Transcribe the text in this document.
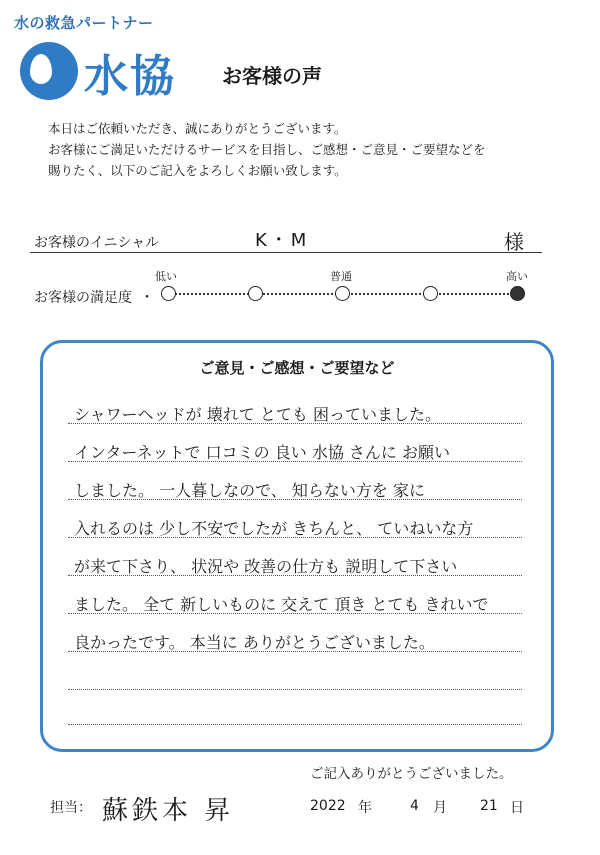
水の救急パートナー
水協 お客様の声
本日はご依頼いただき、誠にありがとうございます。
お客様にご満足いただけるサービスを目指し、ご感想・ご意見・ご要望などを
賜りたく、以下のご記入をよろしくお願い致します。
お客様のイニシャル	K・M	様
低い	普通	高い
お客様の満足度 ・
ご意見・ご感想・ご要望など
シャワーヘッドが 壊れて とても 困っていました。
インターネットで 口コミの 良い 水協 さんに お願い
しました。 一人暮しなので、 知らない方を 家に
入れるのは 少し不安でしたが きちんと、 ていねいな方
が来て下さり、 状況や 改善の仕方も 説明して下さい
ました。 全て 新しいものに 交えて 頂き とても きれいで
良かったです。 本当に ありがとうございました。
ご記入ありがとうございました。
担当： 蘇鉄本 昇	2022 年	4 月 21 日
